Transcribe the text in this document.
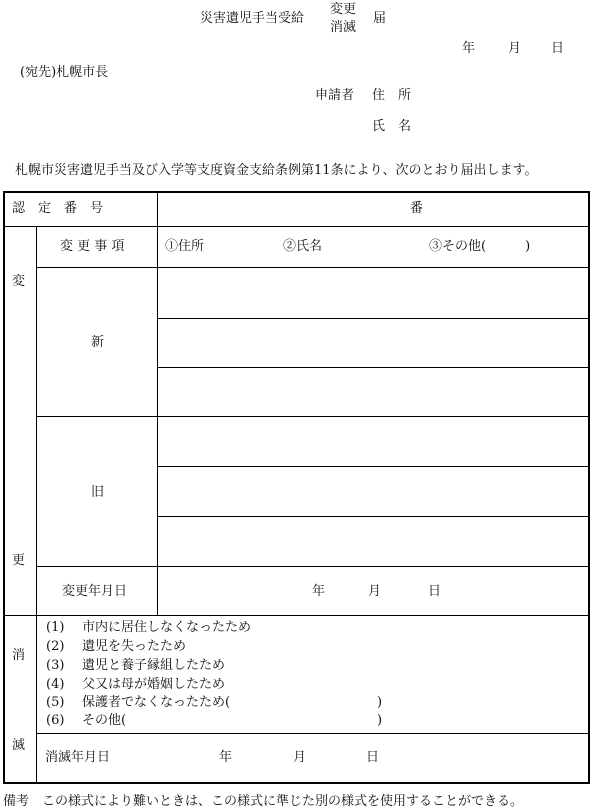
災害遺児手当受給
変更
消滅
届
年	月 日
(宛先)札幌市長
申請者 住　所
氏　名
札幌市災害遺児手当及び入学等支度資金支給条例第11条により、次のとおり届出します。
認　定　番　号	番
変
更
変 更 事 項	①住所	②氏名	③その他(　　　)
新
旧
変更年月日	年	月	日
消
滅
(1) 市内に居住しなくなったため
(2) 遺児を失ったため
(3) 遺児と養子縁組したため
(4) 父又は母が婚姻したため
(5) 保護者でなくなったため(	)
(6) その他(	)
消滅年月日	年	月	日
備考　この様式により難いときは、この様式に準じた別の様式を使用することができる。
